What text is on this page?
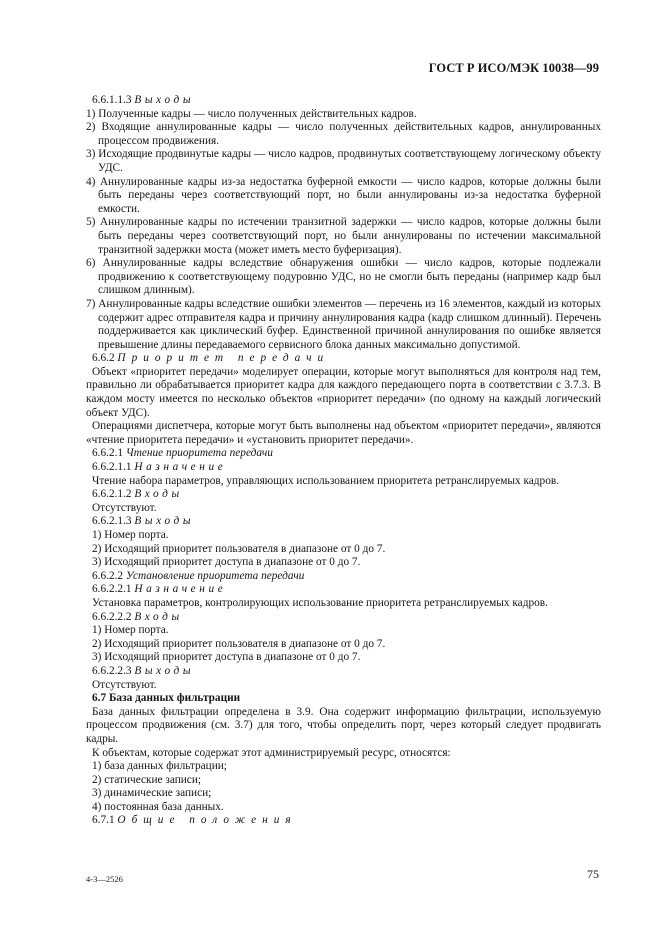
ГОСТ Р ИСО/МЭК 10038—99

6.6.1.1.3 Выходы

1) Полученные кадры — число полученных действительных кадров.

2) Входящие аннулированные кадры — число полученных действительных кадров, аннулированных процессом продвижения.

3) Исходящие продвинутые кадры — число кадров, продвинутых соответствующему логическому объекту УДС.

4) Аннулированные кадры из-за недостатка буферной емкости — число кадров, которые должны были быть переданы через соответствующий порт, но были аннулированы из-за недостатка буферной емкости.

5) Аннулированные кадры по истечении транзитной задержки — число кадров, которые должны были быть переданы через соответствующий порт, но были аннулированы по истечении максимальной транзитной задержки моста (может иметь место буферизация).

6) Аннулированные кадры вследствие обнаружения ошибки — число кадров, которые подлежали продвижению к соответствующему подуровню УДС, но не смогли быть переданы (например кадр был слишком длинным).

7) Аннулированные кадры вследствие ошибки элементов — перечень из 16 элементов, каждый из которых содержит адрес отправителя кадра и причину аннулирования кадра (кадр слишком длинный). Перечень поддерживается как циклический буфер. Единственной причиной аннулирования по ошибке является превышение длины передаваемого сервисного блока данных максимально допустимой.

6.6.2 Приоритет передачи

Объект «приоритет передачи» моделирует операции, которые могут выполняться для контроля над тем, правильно ли обрабатывается приоритет кадра для каждого передающего порта в соответствии с 3.7.3. В каждом мосту имеется по несколько объектов «приоритет передачи» (по одному на каждый логический объект УДС).

Операциями диспетчера, которые могут быть выполнены над объектом «приоритет передачи», являются «чтение приоритета передачи» и «установить приоритет передачи».

6.6.2.1 Чтение приоритета передачи

6.6.2.1.1 Назначение

Чтение набора параметров, управляющих использованием приоритета ретранслируемых кадров.

6.6.2.1.2 Входы

Отсутствуют.

6.6.2.1.3 Выходы

1) Номер порта.

2) Исходящий приоритет пользователя в диапазоне от 0 до 7.

3) Исходящий приоритет доступа в диапазоне от 0 до 7.

6.6.2.2 Установление приоритета передачи

6.6.2.2.1 Назначение

Установка параметров, контролирующих использование приоритета ретранслируемых кадров.

6.6.2.2.2 Входы

1) Номер порта.

2) Исходящий приоритет пользователя в диапазоне от 0 до 7.

3) Исходящий приоритет доступа в диапазоне от 0 до 7.

6.6.2.2.3 Выходы

Отсутствуют.

6.7 База данных фильтрации

База данных фильтрации определена в 3.9. Она содержит информацию фильтрации, используемую процессом продвижения (см. 3.7) для того, чтобы определить порт, через который следует продвигать кадры.

К объектам, которые содержат этот администрируемый ресурс, относятся:

1) база данных фильтрации;

2) статические записи;

3) динамические записи;

4) постоянная база данных.

6.7.1 Общие положения

4-3—2526	75
